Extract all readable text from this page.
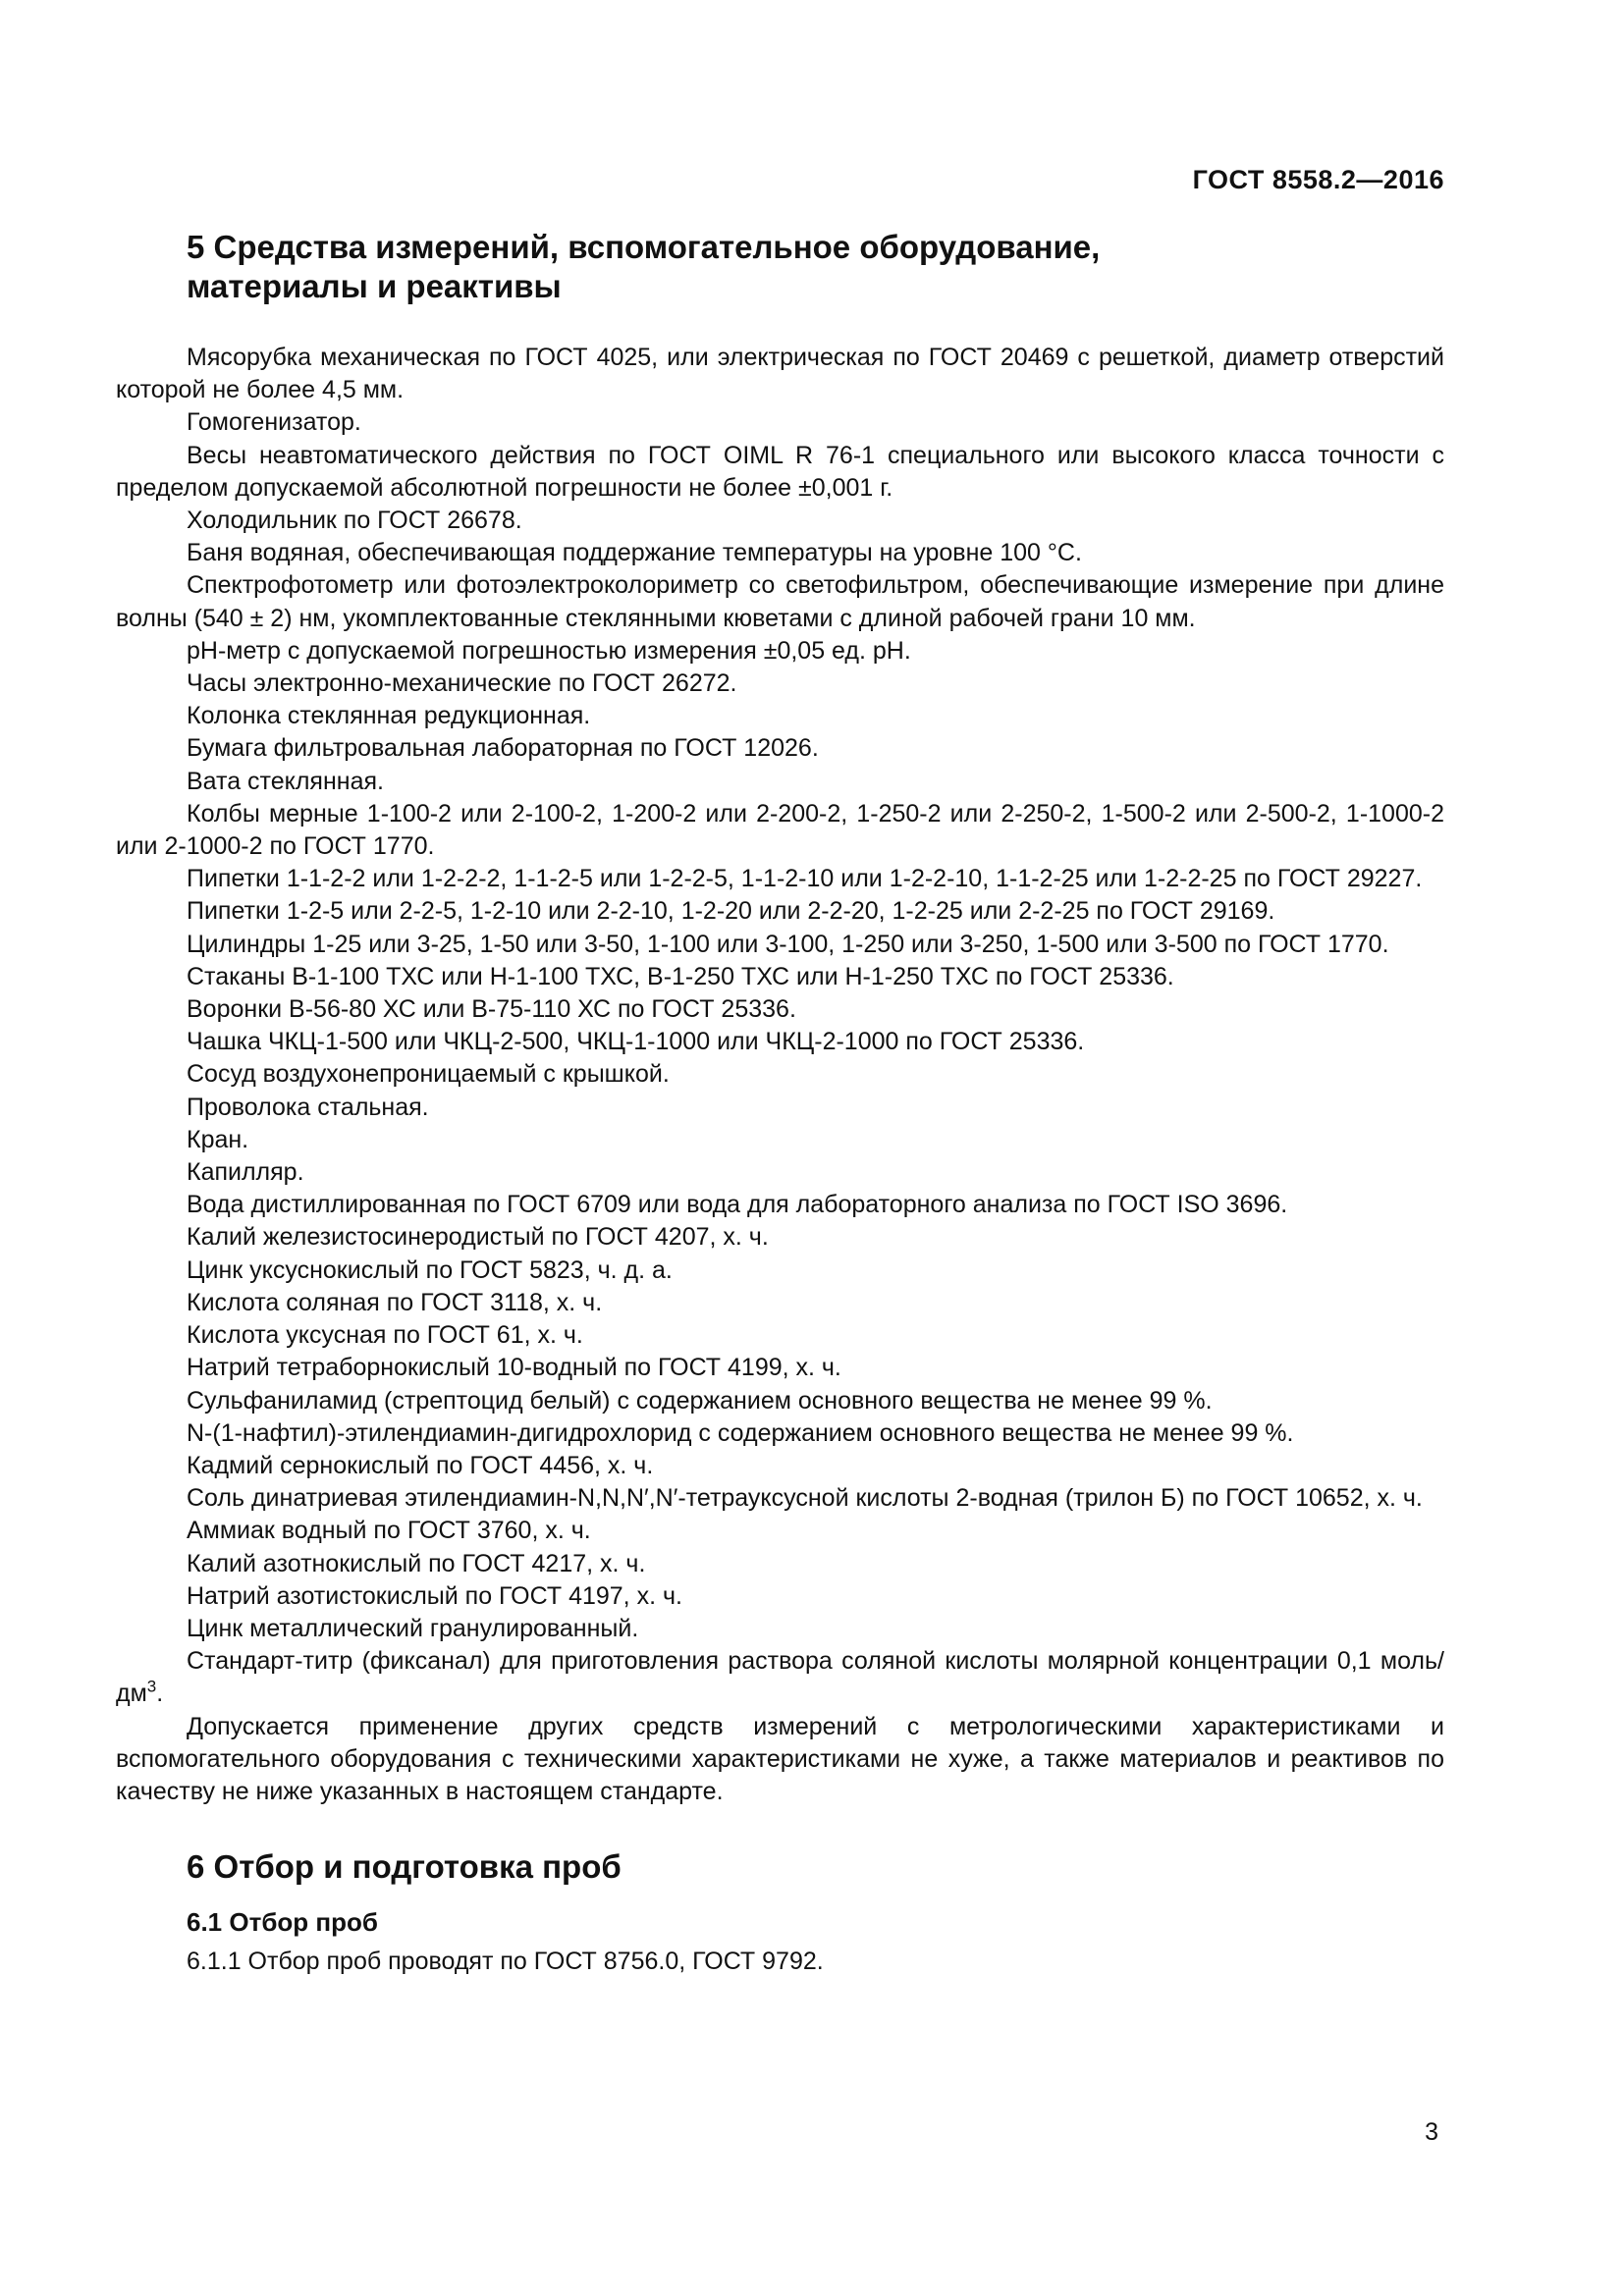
ГОСТ 8558.2—2016
5 Средства измерений, вспомогательное оборудование,
материалы и реактивы

Мясорубка механическая по ГОСТ 4025, или электрическая по ГОСТ 20469 с решеткой, диаметр отверстий которой не более 4,5 мм.

Гомогенизатор.

Весы неавтоматического действия по ГОСТ OIML R 76-1 специального или высокого класса точности с пределом допускаемой абсолютной погрешности не более ±0,001 г.

Холодильник по ГОСТ 26678.

Баня водяная, обеспечивающая поддержание температуры на уровне 100 °С.

Спектрофотометр или фотоэлектроколориметр со светофильтром, обеспечивающие измерение при длине волны (540 ± 2) нм, укомплектованные стеклянными кюветами с длиной рабочей грани 10 мм.

pH-метр с допускаемой погрешностью измерения ±0,05 ед. pH.

Часы электронно-механические по ГОСТ 26272.

Колонка стеклянная редукционная.

Бумага фильтровальная лабораторная по ГОСТ 12026.

Вата стеклянная.

Колбы мерные 1-100-2 или 2-100-2, 1-200-2 или 2-200-2, 1-250-2 или 2-250-2, 1-500-2 или 2-500-2, 1-1000-2 или 2-1000-2 по ГОСТ 1770.

Пипетки 1-1-2-2 или 1-2-2-2, 1-1-2-5 или 1-2-2-5, 1-1-2-10 или 1-2-2-10, 1-1-2-25 или 1-2-2-25 по ГОСТ 29227.

Пипетки 1-2-5 или 2-2-5, 1-2-10 или 2-2-10, 1-2-20 или 2-2-20, 1-2-25 или 2-2-25 по ГОСТ 29169.

Цилиндры 1-25 или 3-25, 1-50 или 3-50, 1-100 или 3-100, 1-250 или 3-250, 1-500 или 3-500 по ГОСТ 1770.

Стаканы В-1-100 ТХС или Н-1-100 ТХС, В-1-250 ТХС или Н-1-250 ТХС по ГОСТ 25336.

Воронки В-56-80 ХС или В-75-110 ХС по ГОСТ 25336.

Чашка ЧКЦ-1-500 или ЧКЦ-2-500, ЧКЦ-1-1000 или ЧКЦ-2-1000 по ГОСТ 25336.

Сосуд воздухонепроницаемый с крышкой.

Проволока стальная.

Кран.

Капилляр.

Вода дистиллированная по ГОСТ 6709 или вода для лабораторного анализа по ГОСТ ISO 3696.

Калий железистосинеродистый по ГОСТ 4207, х. ч.

Цинк уксуснокислый по ГОСТ 5823, ч. д. а.

Кислота соляная по ГОСТ 3118, х. ч.

Кислота уксусная по ГОСТ 61, х. ч.

Натрий тетраборнокислый 10-водный по ГОСТ 4199, х. ч.

Сульфаниламид (стрептоцид белый) с содержанием основного вещества не менее 99 %.

N-(1-нафтил)-этилендиамин-дигидрохлорид с содержанием основного вещества не менее 99 %.

Кадмий сернокислый по ГОСТ 4456, х. ч.

Соль динатриевая этилендиамин-N,N,N′,N′-тетрауксусной кислоты 2-водная (трилон Б) по ГОСТ 10652, х. ч.

Аммиак водный по ГОСТ 3760, х. ч.

Калий азотнокислый по ГОСТ 4217, х. ч.

Натрий азотистокислый по ГОСТ 4197, х. ч.

Цинк металлический гранулированный.

Стандарт-титр (фиксанал) для приготовления раствора соляной кислоты молярной концентрации 0,1 моль/$дм^3$.

Допускается применение других средств измерений с метрологическими характеристиками и вспомогательного оборудования с техническими характеристиками не хуже, а также материалов и реактивов по качеству не ниже указанных в настоящем стандарте.

6 Отбор и подготовка проб
6.1 Отбор проб

6.1.1 Отбор проб проводят по ГОСТ 8756.0, ГОСТ 9792.

3
